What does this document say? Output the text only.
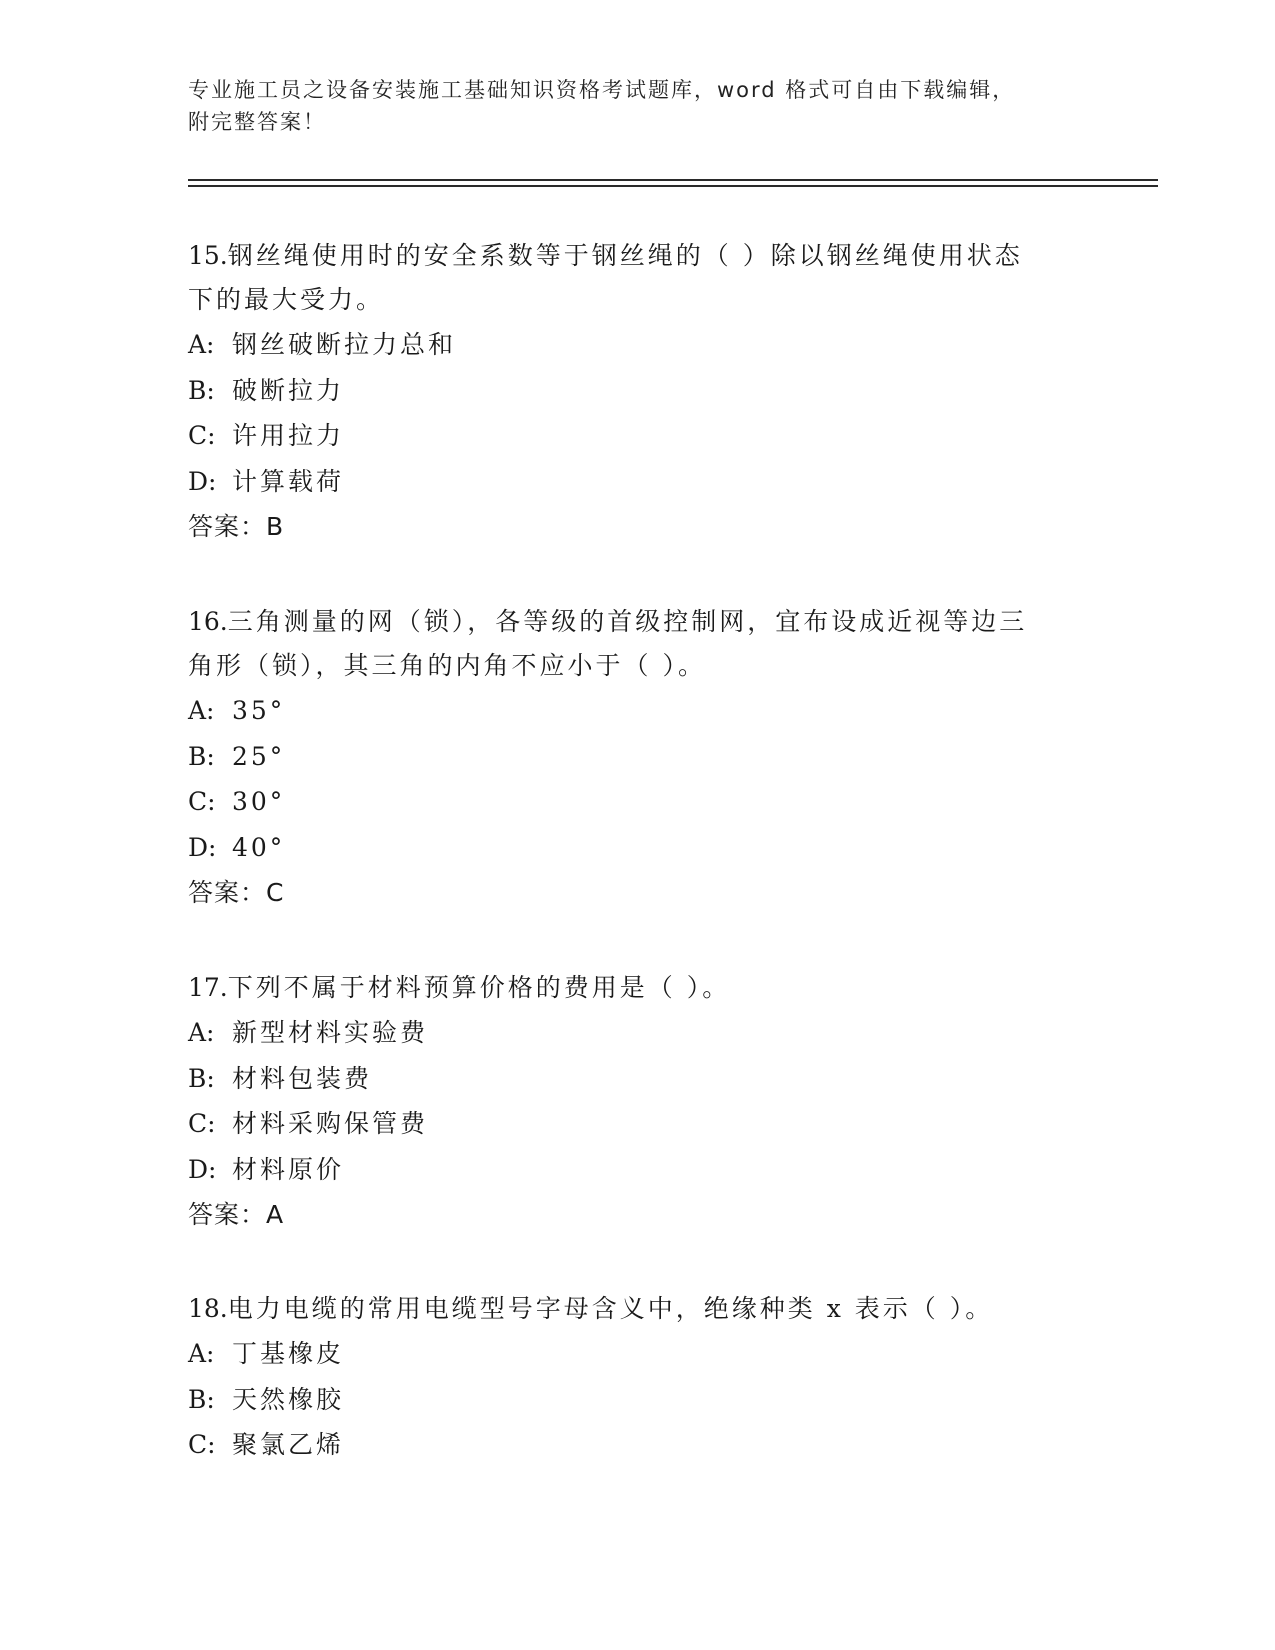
专业施工员之设备安装施工基础知识资格考试题库，word 格式可自由下载编辑，
附完整答案！

15.钢丝绳使用时的安全系数等于钢丝绳的（ ）除以钢丝绳使用状态

下的最大受力。

A: 钢丝破断拉力总和

B: 破断拉力

C: 许用拉力

D: 计算载荷

答案：B

16.三角测量的网（锁），各等级的首级控制网，宜布设成近视等边三

角形（锁），其三角的内角不应小于（ ）。

A: 35°

B: 25°

C: 30°

D: 40°

答案：C

17.下列不属于材料预算价格的费用是（ ）。

A: 新型材料实验费

B: 材料包装费

C: 材料采购保管费

D: 材料原价

答案：A

18.电力电缆的常用电缆型号字母含义中，绝缘种类 x 表示（ ）。

A: 丁基橡皮

B: 天然橡胶

C: 聚氯乙烯
